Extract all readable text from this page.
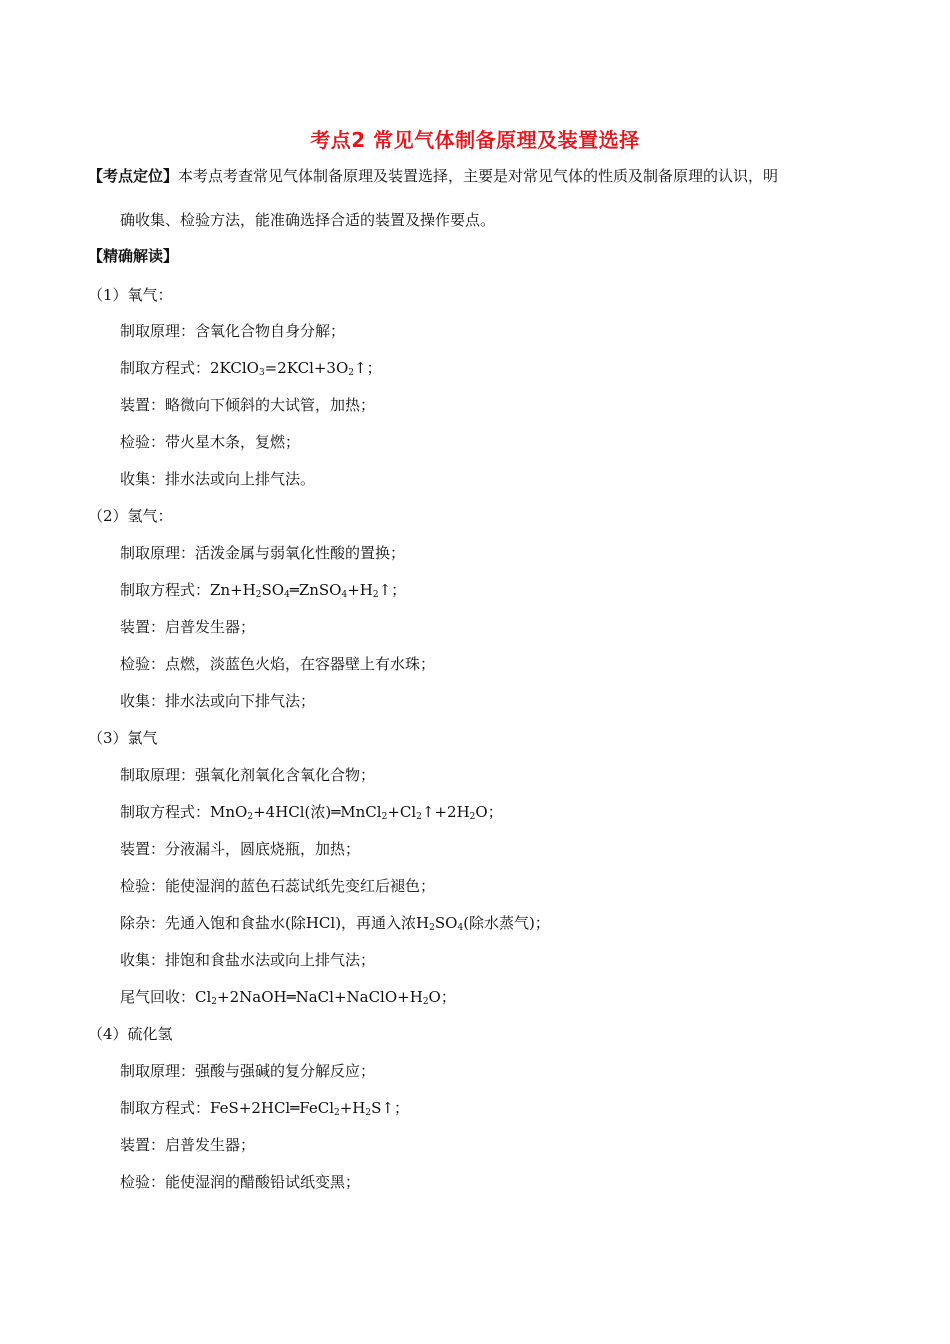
考点2 常见气体制备原理及装置选择
【考点定位】本考点考查常见气体制备原理及装置选择，主要是对常见气体的性质及制备原理的认识，明
确收集、检验方法，能准确选择合适的装置及操作要点。
【精确解读】
（1）氧气：
制取原理：含氧化合物自身分解；
制取方程式：$2KClO_3=2KCl+3O_2↑$；
装置：略微向下倾斜的大试管，加热；
检验：带火星木条，复燃；
收集：排水法或向上排气法。
（2）氢气：
制取原理：活泼金属与弱氧化性酸的置换；
制取方程式：$Zn+H_2SO_4═ZnSO_4+H_2↑$；
装置：启普发生器；
检验：点燃，淡蓝色火焰，在容器壁上有水珠；
收集：排水法或向下排气法；
（3）氯气
制取原理：强氧化剂氧化含氧化合物；
制取方程式：MnO$_2$+4HCl(浓)$═MnCl_2+Cl_2↑+2H_2O$；
装置：分液漏斗，圆底烧瓶，加热；
检验：能使湿润的蓝色石蕊试纸先变红后褪色；
除杂：先通入饱和食盐水(除HCl)，再通入浓$H_2SO_4$(除水蒸气)；
收集：排饱和食盐水法或向上排气法；
尾气回收：$Cl_2+2NaOH═NaCl+NaClO+H_2O$；
（4）硫化氢
制取原理：强酸与强碱的复分解反应；
制取方程式：$FeS+2HCl═FeCl_2+H_2S↑$；
装置：启普发生器；
检验：能使湿润的醋酸铅试纸变黑；
